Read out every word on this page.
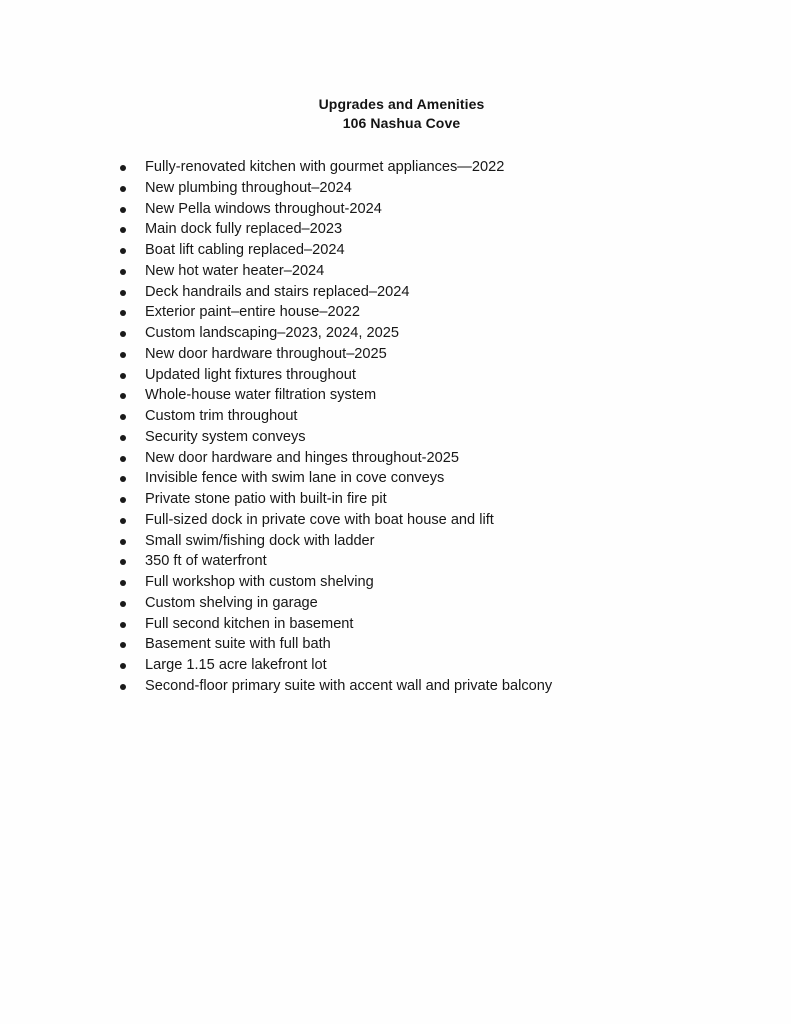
Upgrades and Amenities
106 Nashua Cove
Fully-renovated kitchen with gourmet appliances—2022
New plumbing throughout–2024
New Pella windows throughout-2024
Main dock fully replaced–2023
Boat lift cabling replaced–2024
New hot water heater–2024
Deck handrails and stairs replaced–2024
Exterior paint–entire house–2022
Custom landscaping–2023, 2024, 2025
New door hardware throughout–2025
Updated light fixtures throughout
Whole-house water filtration system
Custom trim throughout
Security system conveys
New door hardware and hinges throughout-2025
Invisible fence with swim lane in cove conveys
Private stone patio with built-in fire pit
Full-sized dock in private cove with boat house and lift
Small swim/fishing dock with ladder
350 ft of waterfront
Full workshop with custom shelving
Custom shelving in garage
Full second kitchen in basement
Basement suite with full bath
Large 1.15 acre lakefront lot
Second-floor primary suite with accent wall and private balcony
